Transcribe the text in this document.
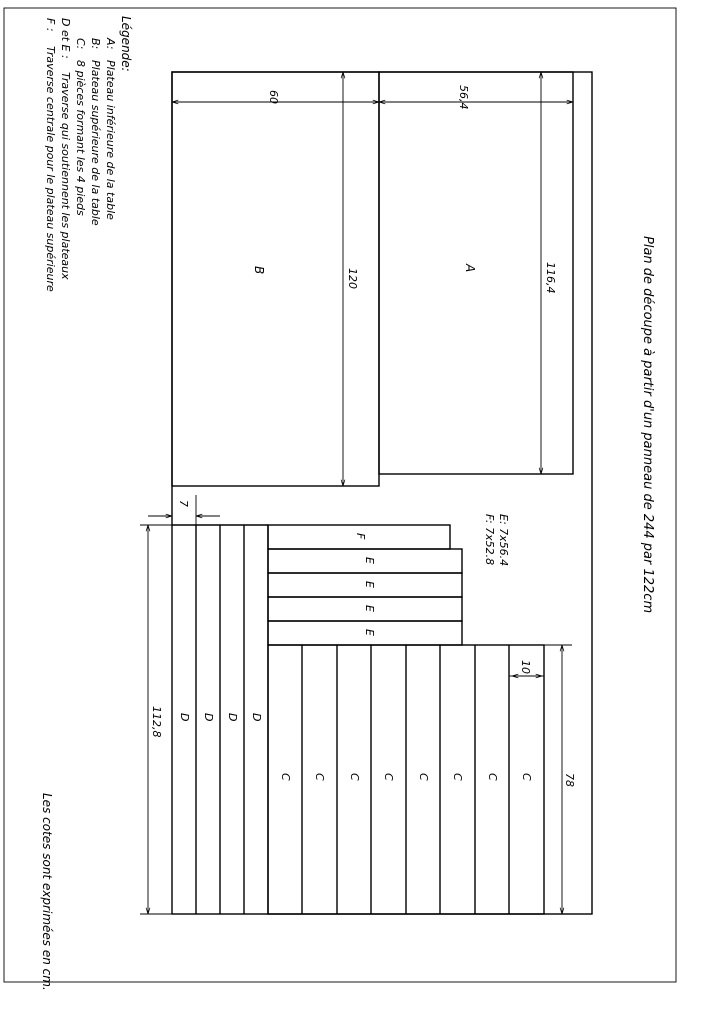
Plan de découpe à partir d'un panneau de 244 par 122cm
Les cotes sont exprimées en cm.
Légende:
A:
Plateau inférieure de la table
B:
Plateau supérieure de la table
C:
8 pièces formant les 4 pieds
D et E :
Traverse qui soutiennent les plateaux
F :
Traverse centrale pour le plateau supérieure	B	A
F
E
E
E
E
D D D D
C C C C C C C C
E: 7x56.4
F: 7x52.8
60	56,4
120	116,4
7
112,8
10
78
